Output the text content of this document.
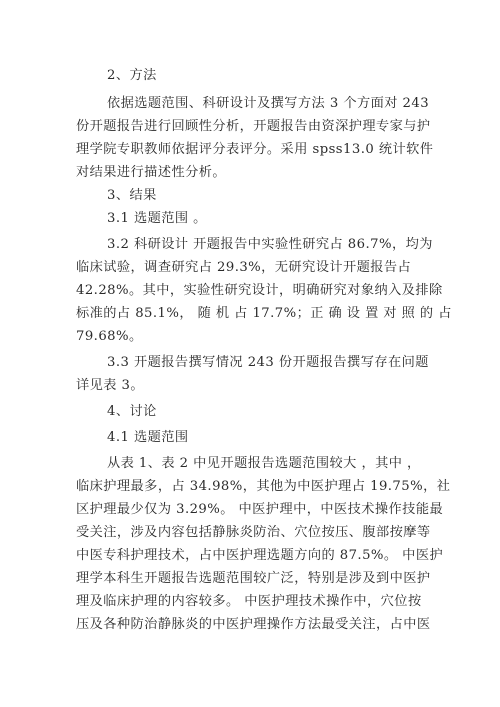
2、方法
依据选题范围、科研设计及撰写方法 3 个方面对 243
份开题报告进行回顾性分析，开题报告由资深护理专家与护
理学院专职教师依据评分表评分。采用 spss13.0 统计软件
对结果进行描述性分析。
3、结果
3.1 选题范围 。
3.2 科研设计 开题报告中实验性研究占 86.7%，均为
临床试验，调查研究占 29.3%，无研究设计开题报告占
42.28%。其中，实验性研究设计，明确研究对象纳入及排除
标准的占 85.1%， 随 机 占 17.7%；正 确 设 置 对 照 的 占
79.68%。
3.3 开题报告撰写情况 243 份开题报告撰写存在问题
详见表 3。
4、讨论
4.1 选题范围
从表 1、表 2 中见开题报告选题范围较大 ，其中 ，
临床护理最多，占 34.98%，其他为中医护理占 19.75%，社
区护理最少仅为 3.29%。 中医护理中，中医技术操作技能最
受关注，涉及内容包括静脉炎防治、穴位按压、腹部按摩等
中医专科护理技术，占中医护理选题方向的 87.5%。 中医护
理学本科生开题报告选题范围较广泛，特别是涉及到中医护
理及临床护理的内容较多。 中医护理技术操作中，穴位按
压及各种防治静脉炎的中医护理操作方法最受关注，占中医
